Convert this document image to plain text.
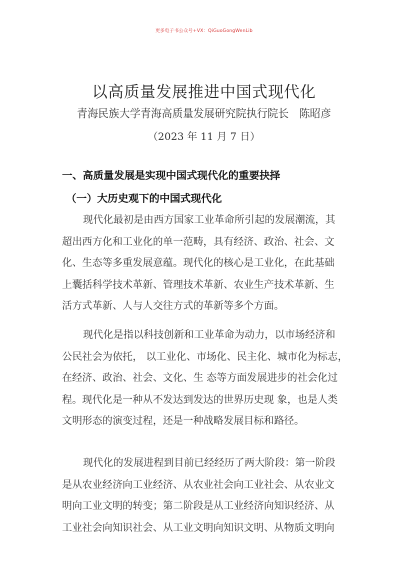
更多电子书公众号+VX：QiGuoGongWenLib
以高质量发展推进中国式现代化
青海民族大学青海高质量发展研究院执行院长　陈昭彦
（2023 年 11 月 7 日）
一、高质量发展是实现中国式现代化的重要抉择
（一）大历史观下的中国式现代化
现代化最初是由西方国家工业革命所引起的发展潮流，其
超出西方化和工业化的单一范畴，具有经济、政治、社会、文
化、生态等多重发展意蕴。现代化的核心是工业化，在此基础
上囊括科学技术革新、管理技术革新、农业生产技术革新、生
活方式革新、人与人交往方式的革新等多个方面。
现代化是指以科技创新和工业革命为动力，以市场经济和
公民社会为依托， 以工业化、市场化、民主化、城市化为标志，
在经济、政治、社会、文化、生 态等方面发展进步的社会化过
程。现代化是一种从不发达到发达的世界历史现 象，也是人类
文明形态的演变过程，还是一种战略发展目标和路径。
现代化的发展进程到目前已经经历了两大阶段：第一阶段
是从农业经济向工业经济、从农业社会向工业社会、从农业文
明向工业文明的转变；第二阶段是从工业经济向知识经济、从
工业社会向知识社会、从工业文明向知识文明、从物质文明向
